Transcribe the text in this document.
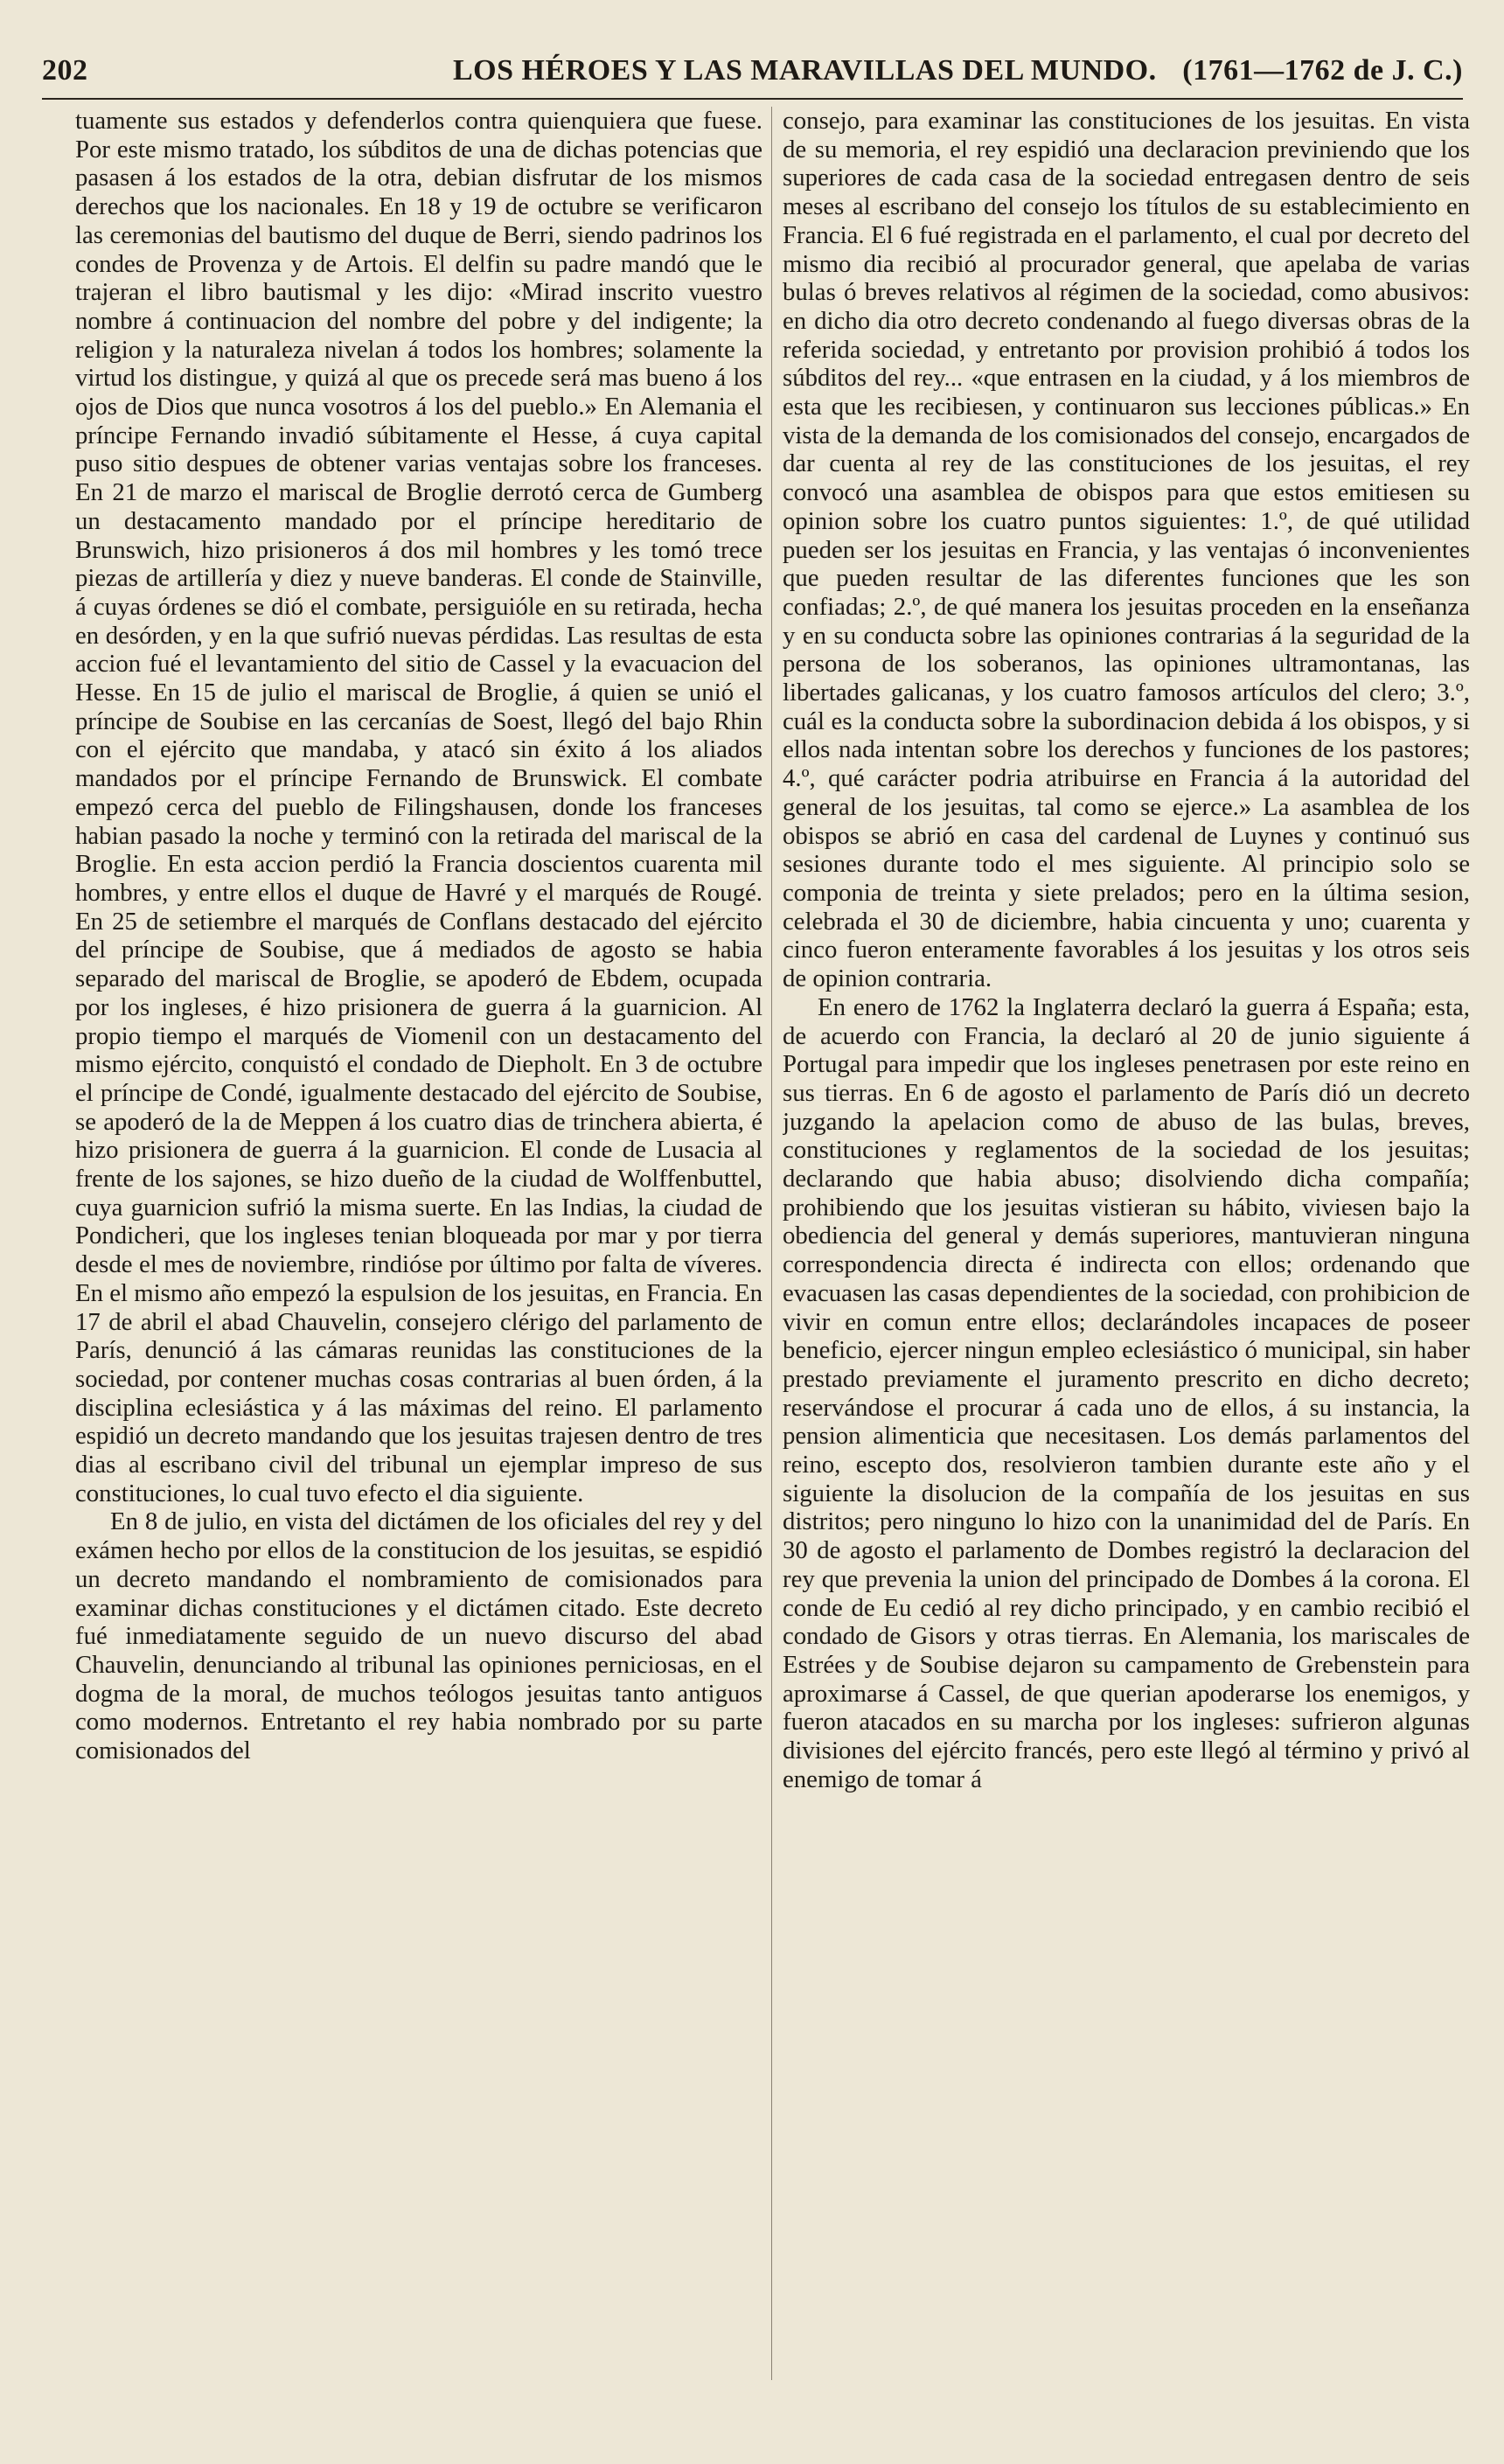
202	LOS HÉROES Y LAS MARAVILLAS DEL MUNDO. (1761—1762 de J. C.)

tuamente sus estados y defenderlos contra quienquiera que fuese. Por este mismo tratado, los súbditos de una de dichas potencias que pasasen á los estados de la otra, debian disfrutar de los mismos derechos que los nacionales. En 18 y 19 de octubre se verificaron las ceremonias del bautismo del duque de Berri, siendo padrinos los condes de Provenza y de Artois. El delfin su padre mandó que le trajeran el libro bautismal y les dijo: «Mirad inscrito vuestro nombre á continuacion del nombre del pobre y del indigente; la religion y la naturaleza nivelan á todos los hombres; solamente la virtud los distingue, y quizá al que os precede será mas bueno á los ojos de Dios que nunca vosotros á los del pueblo.» En Alemania el príncipe Fernando invadió súbitamente el Hesse, á cuya capital puso sitio despues de obtener varias ventajas sobre los franceses. En 21 de marzo el mariscal de Broglie derrotó cerca de Gumberg un destacamento mandado por el príncipe hereditario de Brunswich, hizo prisioneros á dos mil hombres y les tomó trece piezas de artillería y diez y nueve banderas. El conde de Stainville, á cuyas órdenes se dió el combate, persiguióle en su retirada, hecha en desórden, y en la que sufrió nuevas pérdidas. Las resultas de esta accion fué el levantamiento del sitio de Cassel y la evacuacion del Hesse. En 15 de julio el mariscal de Broglie, á quien se unió el príncipe de Soubise en las cercanías de Soest, llegó del bajo Rhin con el ejército que mandaba, y atacó sin éxito á los aliados mandados por el príncipe Fernando de Brunswick. El combate empezó cerca del pueblo de Filingshausen, donde los franceses habian pasado la noche y terminó con la retirada del mariscal de la Broglie. En esta accion perdió la Francia doscientos cuarenta mil hombres, y entre ellos el duque de Havré y el marqués de Rougé. En 25 de setiembre el marqués de Conflans destacado del ejército del príncipe de Soubise, que á mediados de agosto se habia separado del mariscal de Broglie, se apoderó de Ebdem, ocupada por los ingleses, é hizo prisionera de guerra á la guarnicion. Al propio tiempo el marqués de Viomenil con un destacamento del mismo ejército, conquistó el condado de Diepholt. En 3 de octubre el príncipe de Condé, igualmente destacado del ejército de Soubise, se apoderó de la de Meppen á los cuatro dias de trinchera abierta, é hizo prisionera de guerra á la guarnicion. El conde de Lusacia al frente de los sajones, se hizo dueño de la ciudad de Wolffenbuttel, cuya guarnicion sufrió la misma suerte. En las Indias, la ciudad de Pondicheri, que los ingleses tenian bloqueada por mar y por tierra desde el mes de noviembre, rindióse por último por falta de víveres. En el mismo año empezó la espulsion de los jesuitas, en Francia. En 17 de abril el abad Chauvelin, consejero clérigo del parlamento de París, denunció á las cámaras reunidas las constituciones de la sociedad, por contener muchas cosas contrarias al buen órden, á la disciplina eclesiástica y á las máximas del reino. El parlamento espidió un decreto mandando que los jesuitas trajesen dentro de tres dias al escribano civil del tribunal un ejemplar impreso de sus constituciones, lo cual tuvo efecto el dia siguiente.

En 8 de julio, en vista del dictámen de los oficiales del rey y del exámen hecho por ellos de la constitucion de los jesuitas, se espidió un decreto mandando el nombramiento de comisionados para examinar dichas constituciones y el dictámen citado. Este decreto fué inmediatamente seguido de un nuevo discurso del abad Chauvelin, denunciando al tribunal las opiniones perniciosas, en el dogma de la moral, de muchos teólogos jesuitas tanto antiguos como modernos. Entretanto el rey habia nombrado por su parte comisionados del

consejo, para examinar las constituciones de los jesuitas. En vista de su memoria, el rey espidió una declaracion previniendo que los superiores de cada casa de la sociedad entregasen dentro de seis meses al escribano del consejo los títulos de su establecimiento en Francia. El 6 fué registrada en el parlamento, el cual por decreto del mismo dia recibió al procurador general, que apelaba de varias bulas ó breves relativos al régimen de la sociedad, como abusivos: en dicho dia otro decreto condenando al fuego diversas obras de la referida sociedad, y entretanto por provision prohibió á todos los súbditos del rey... «que entrasen en la ciudad, y á los miembros de esta que les recibiesen, y continuaron sus lecciones públicas.» En vista de la demanda de los comisionados del consejo, encargados de dar cuenta al rey de las constituciones de los jesuitas, el rey convocó una asamblea de obispos para que estos emitiesen su opinion sobre los cuatro puntos siguientes: 1.º, de qué utilidad pueden ser los jesuitas en Francia, y las ventajas ó inconvenientes que pueden resultar de las diferentes funciones que les son confiadas; 2.º, de qué manera los jesuitas proceden en la enseñanza y en su conducta sobre las opiniones contrarias á la seguridad de la persona de los soberanos, las opiniones ultramontanas, las libertades galicanas, y los cuatro famosos artículos del clero; 3.º, cuál es la conducta sobre la subordinacion debida á los obispos, y si ellos nada intentan sobre los derechos y funciones de los pastores; 4.º, qué carácter podria atribuirse en Francia á la autoridad del general de los jesuitas, tal como se ejerce.» La asamblea de los obispos se abrió en casa del cardenal de Luynes y continuó sus sesiones durante todo el mes siguiente. Al principio solo se componia de treinta y siete prelados; pero en la última sesion, celebrada el 30 de diciembre, habia cincuenta y uno; cuarenta y cinco fueron enteramente favorables á los jesuitas y los otros seis de opinion contraria.

En enero de 1762 la Inglaterra declaró la guerra á España; esta, de acuerdo con Francia, la declaró al 20 de junio siguiente á Portugal para impedir que los ingleses penetrasen por este reino en sus tierras. En 6 de agosto el parlamento de París dió un decreto juzgando la apelacion como de abuso de las bulas, breves, constituciones y reglamentos de la sociedad de los jesuitas; declarando que habia abuso; disolviendo dicha compañía; prohibiendo que los jesuitas vistieran su hábito, viviesen bajo la obediencia del general y demás superiores, mantuvieran ninguna correspondencia directa é indirecta con ellos; ordenando que evacuasen las casas dependientes de la sociedad, con prohibicion de vivir en comun entre ellos; declarándoles incapaces de poseer beneficio, ejercer ningun empleo eclesiástico ó municipal, sin haber prestado previamente el juramento prescrito en dicho decreto; reservándose el procurar á cada uno de ellos, á su instancia, la pension alimenticia que necesitasen. Los demás parlamentos del reino, escepto dos, resolvieron tambien durante este año y el siguiente la disolucion de la compañía de los jesuitas en sus distritos; pero ninguno lo hizo con la unanimidad del de París. En 30 de agosto el parlamento de Dombes registró la declaracion del rey que prevenia la union del principado de Dombes á la corona. El conde de Eu cedió al rey dicho principado, y en cambio recibió el condado de Gisors y otras tierras. En Alemania, los mariscales de Estrées y de Soubise dejaron su campamento de Grebenstein para aproximarse á Cassel, de que querian apoderarse los enemigos, y fueron atacados en su marcha por los ingleses: sufrieron algunas divisiones del ejército francés, pero este llegó al término y privó al enemigo de tomar á
